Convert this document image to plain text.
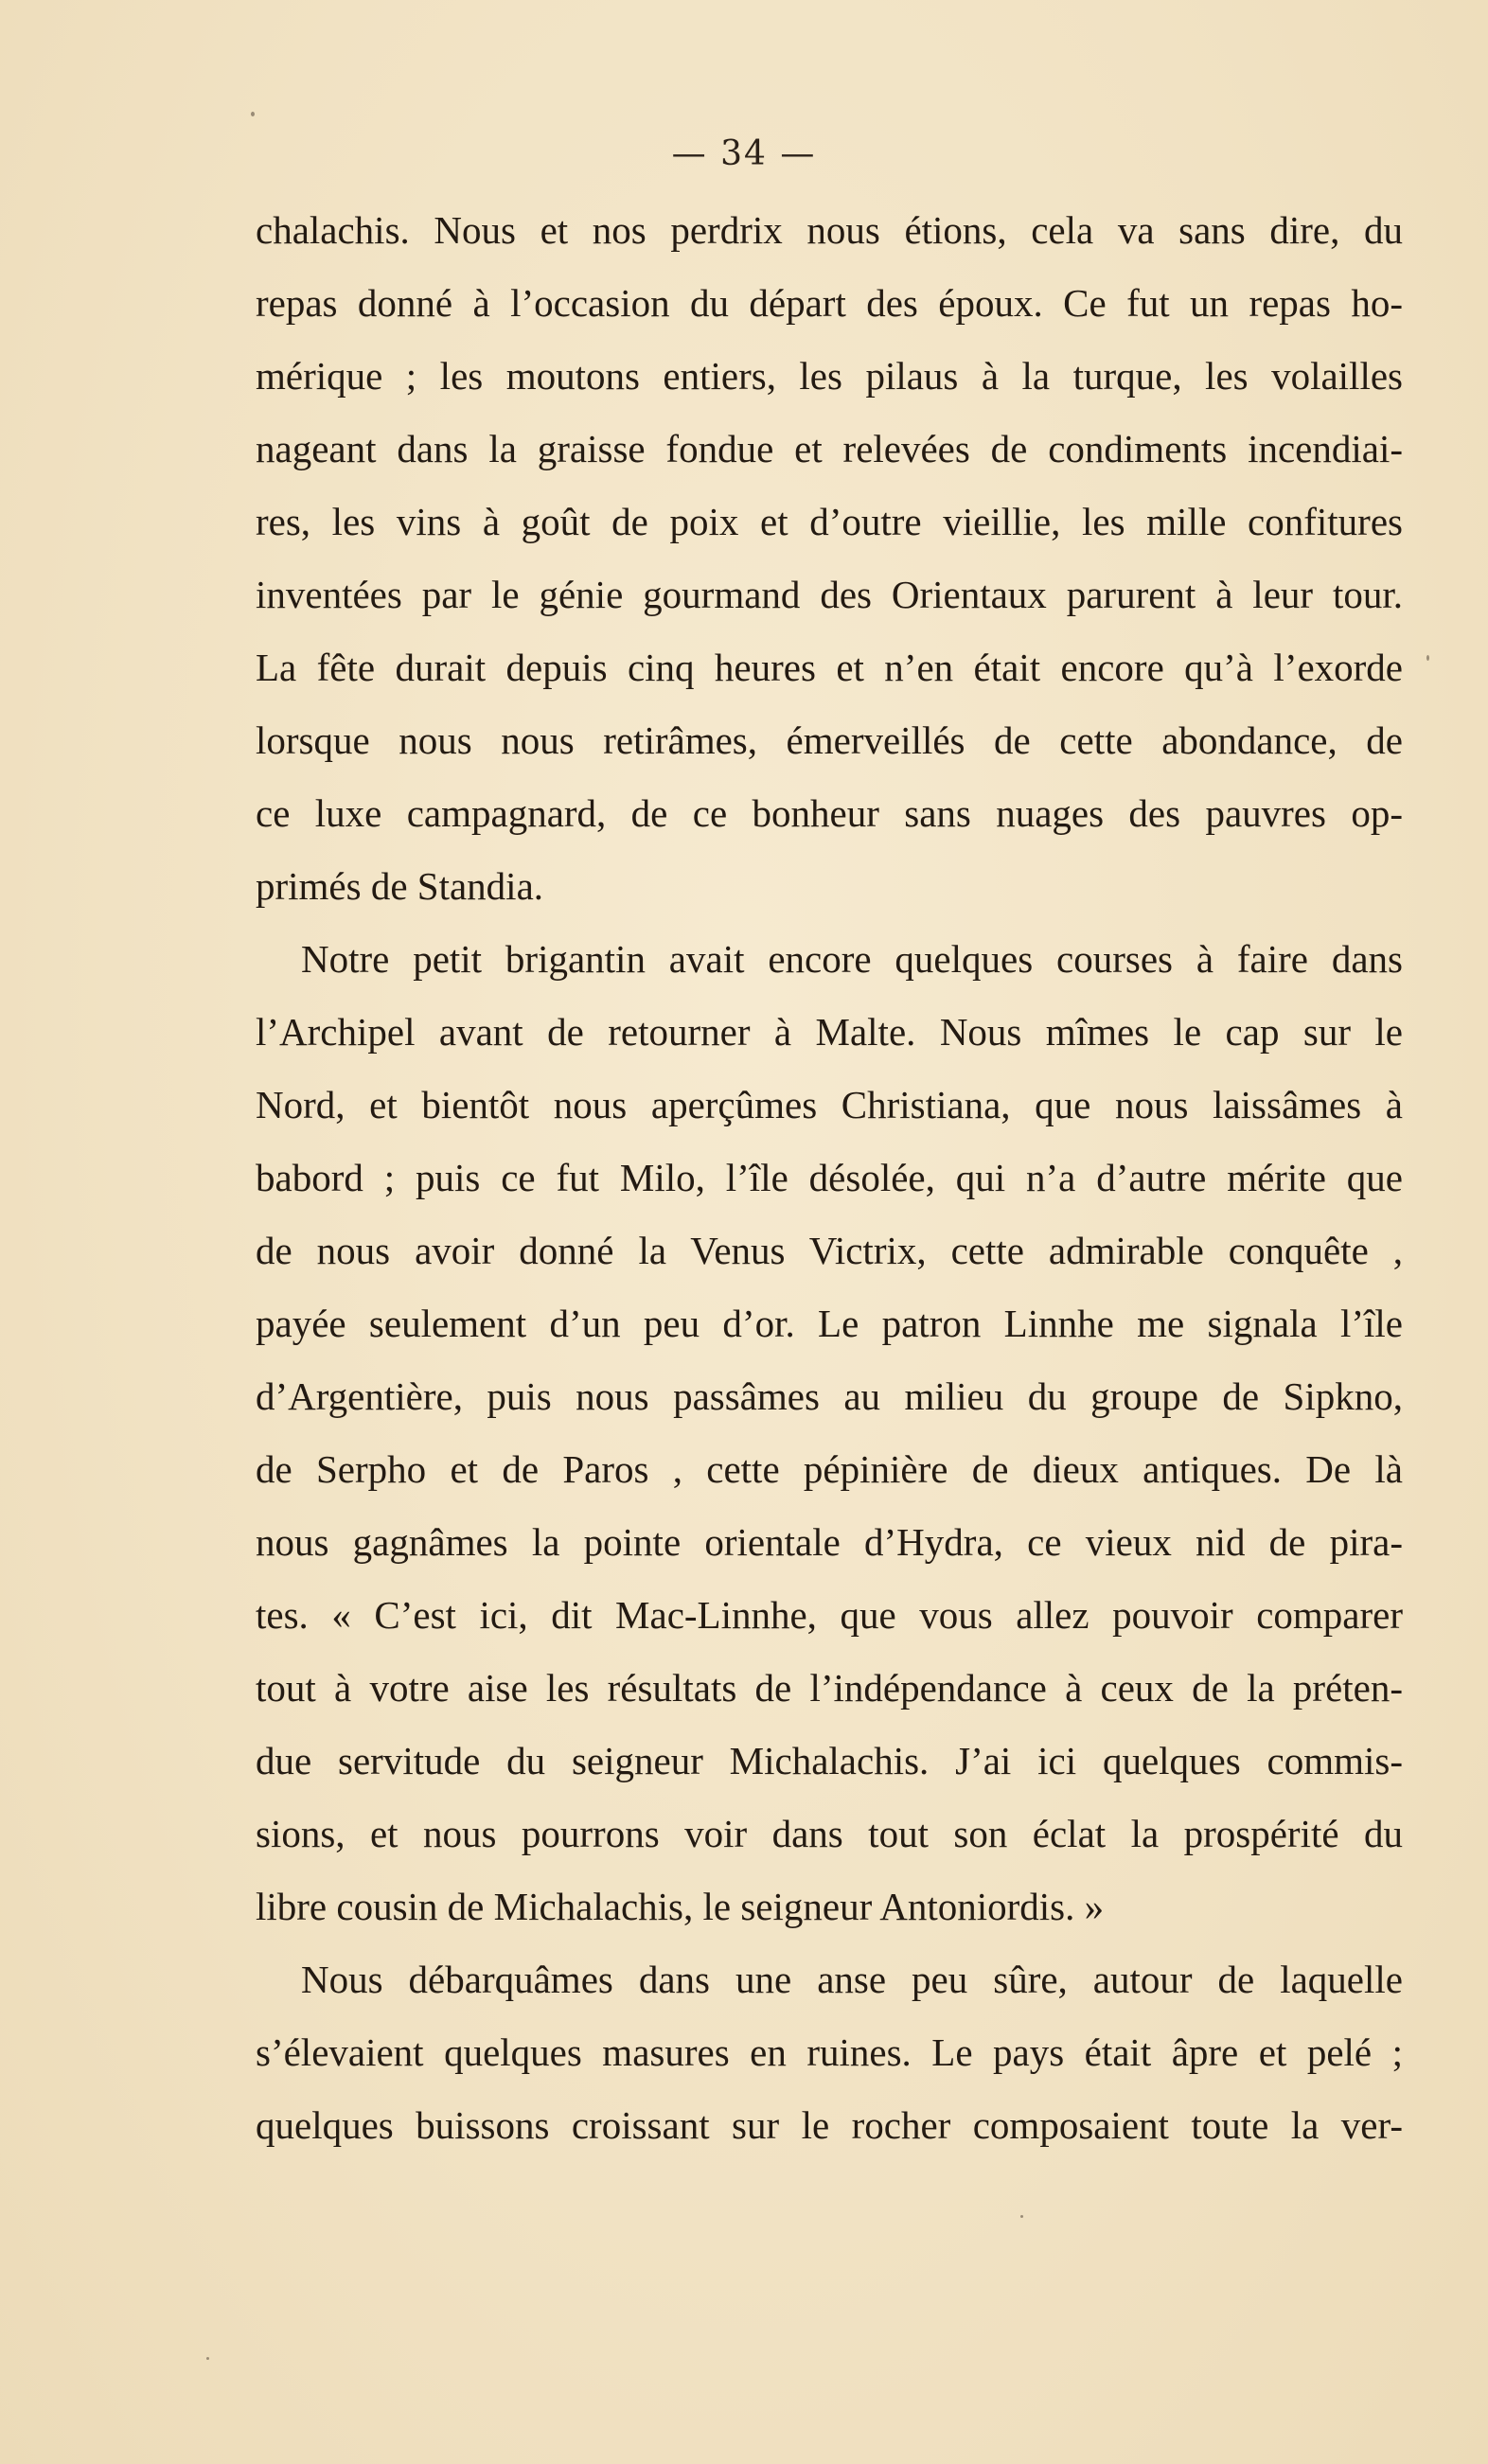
— 34 —
chalachis. Nous et nos perdrix nous étions, cela va sans dire, du
repas donné à l’occasion du départ des époux. Ce fut un repas ho-
mérique ; les moutons entiers, les pilaus à la turque, les volailles
nageant dans la graisse fondue et relevées de condiments incendiai-
res, les vins à goût de poix et d’outre vieillie, les mille confitures
inventées par le génie gourmand des Orientaux parurent à leur tour.
La fête durait depuis cinq heures et n’en était encore qu’à l’exorde
lorsque nous nous retirâmes, émerveillés de cette abondance, de
ce luxe campagnard, de ce bonheur sans nuages des pauvres op-
primés de Standia.
Notre petit brigantin avait encore quelques courses à faire dans
l’Archipel avant de retourner à Malte. Nous mîmes le cap sur le
Nord, et bientôt nous aperçûmes Christiana, que nous laissâmes à
babord ; puis ce fut Milo, l’île désolée, qui n’a d’autre mérite que
de nous avoir donné la Venus Victrix, cette admirable conquête ,
payée seulement d’un peu d’or. Le patron Linnhe me signala l’île
d’Argentière, puis nous passâmes au milieu du groupe de Sipkno,
de Serpho et de Paros , cette pépinière de dieux antiques. De là
nous gagnâmes la pointe orientale d’Hydra, ce vieux nid de pira-
tes. « C’est ici, dit Mac-Linnhe, que vous allez pouvoir comparer
tout à votre aise les résultats de l’indépendance à ceux de la préten-
due servitude du seigneur Michalachis. J’ai ici quelques commis-
sions, et nous pourrons voir dans tout son éclat la prospérité du
libre cousin de Michalachis, le seigneur Antoniordis. »
Nous débarquâmes dans une anse peu sûre, autour de laquelle
s’élevaient quelques masures en ruines. Le pays était âpre et pelé ;
quelques buissons croissant sur le rocher composaient toute la ver-
